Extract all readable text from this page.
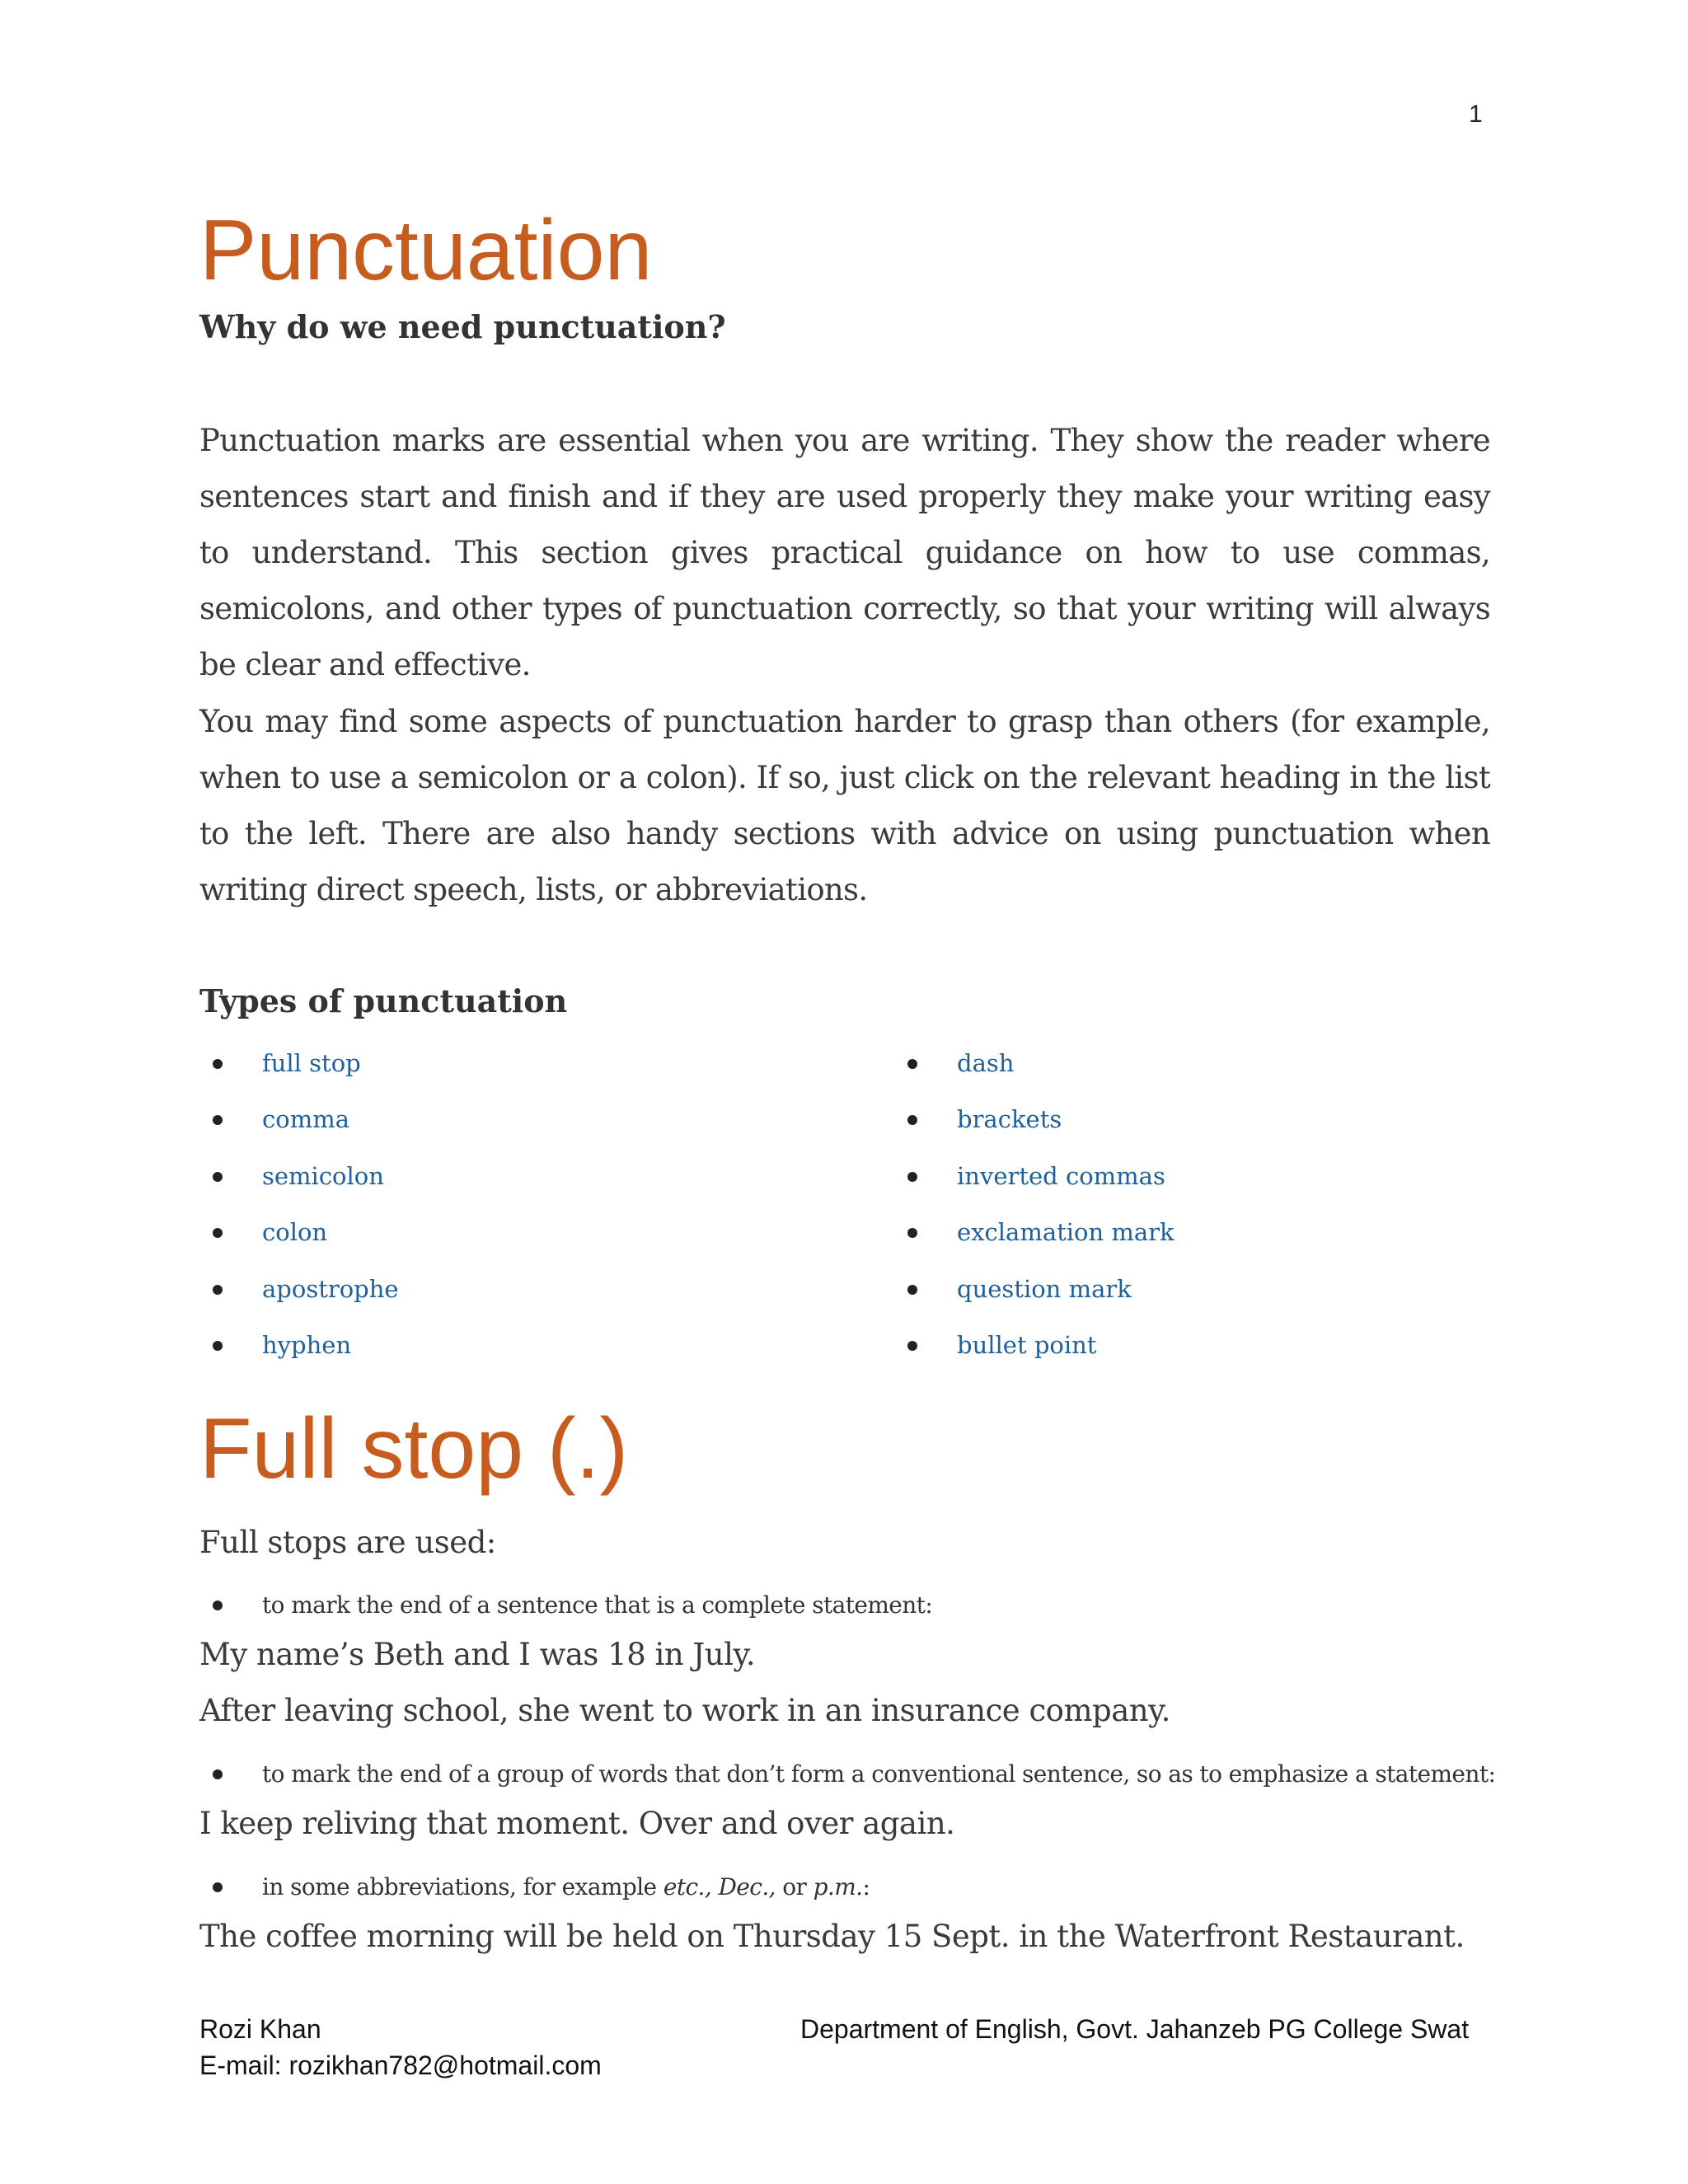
1
Punctuation
Why do we need punctuation?

Punctuation marks are essential when you are writing. They show the reader where sentences start and finish and if they are used properly they make your writing easy to understand. This section gives practical guidance on how to use commas, semicolons, and other types of punctuation correctly, so that your writing will always be clear and effective.

You may find some aspects of punctuation harder to grasp than others (for example, when to use a semicolon or a colon). If so, just click on the relevant heading in the list to the left. There are also handy sections with advice on using punctuation when writing direct speech, lists, or abbreviations.

Types of punctuation
full stop
comma
semicolon
colon
apostrophe
hyphen
dash
brackets
inverted commas
exclamation mark
question mark
bullet point
Full stop (.)

Full stops are used:

to mark the end of a sentence that is a complete statement:

My name’s Beth and I was 18 in July.

After leaving school, she went to work in an insurance company.

to mark the end of a group of words that don’t form a conventional sentence, so as to emphasize a statement:

I keep reliving that moment. Over and over again.

in some abbreviations, for example etc., Dec., or p.m.:

The coffee morning will be held on Thursday 15 Sept. in the Waterfront Restaurant.

Rozi Khan
E-mail: rozikhan782@hotmail.com
Department of English, Govt. Jahanzeb PG College Swat
